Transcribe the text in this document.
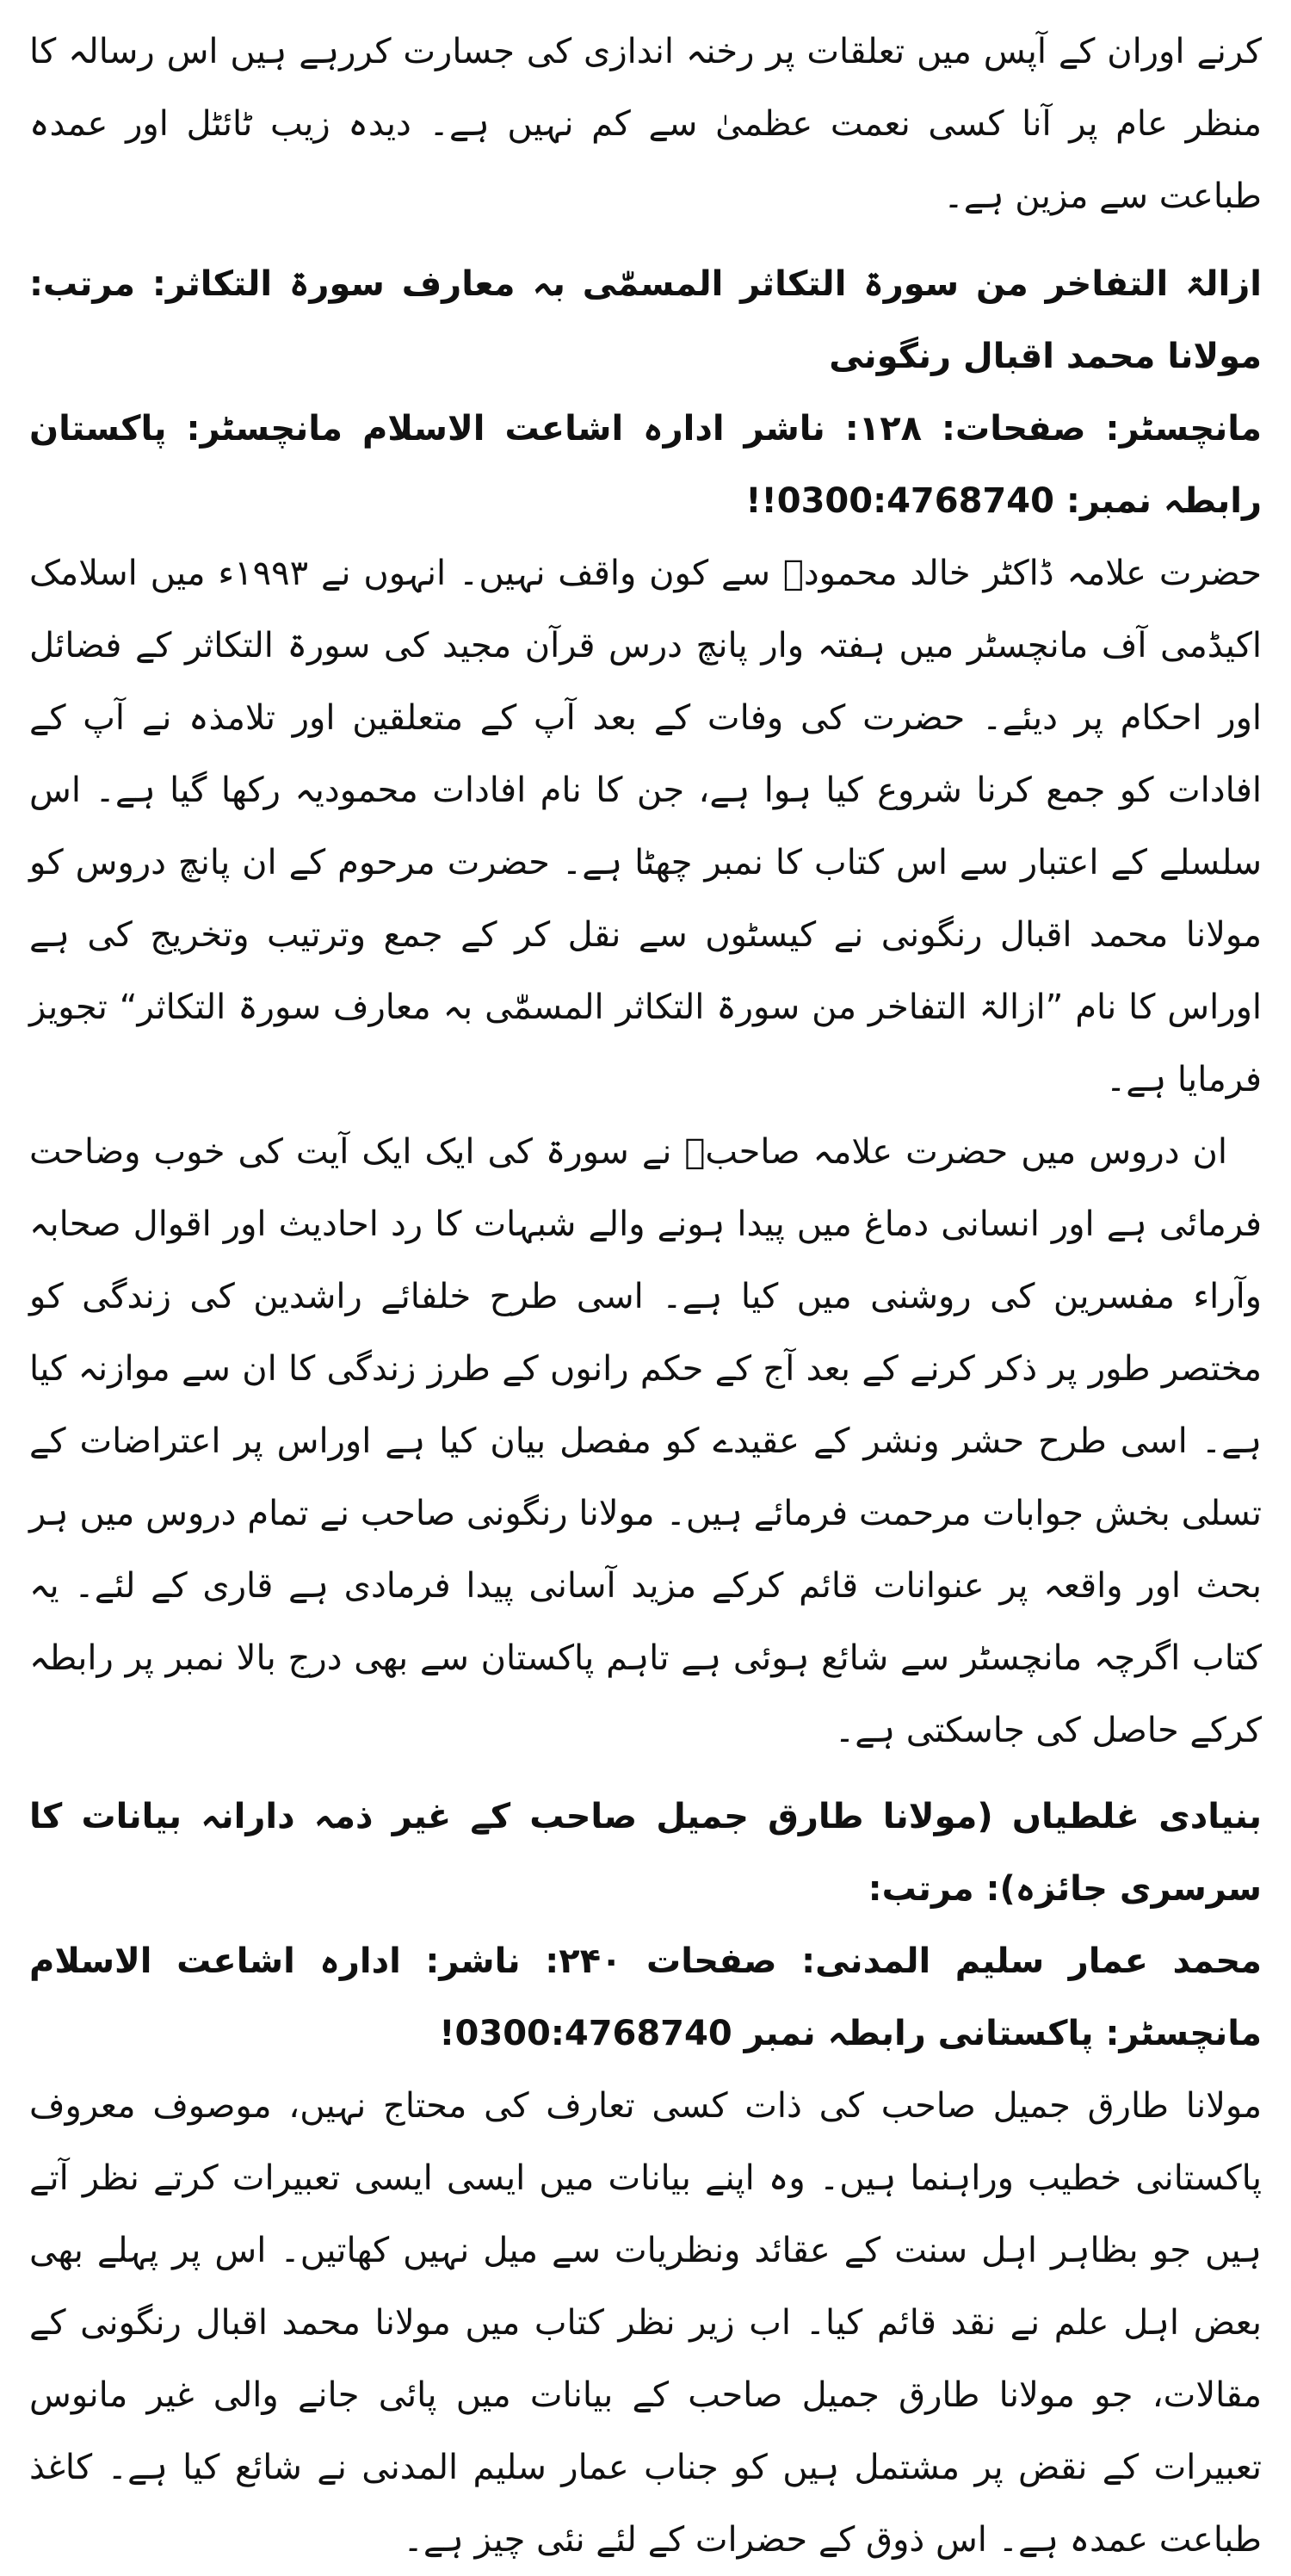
کرنے اوران کے آپس میں تعلقات پر رخنہ اندازی کی جسارت کررہے ہیں اس رسالہ کا منظر عام پر آنا کسی نعمت عظمیٰ سے کم نہیں ہے۔ دیدہ زیب ٹائٹل اور عمدہ طباعت سے مزین ہے۔

ازالۃ التفاخر من سورۃ التکاثر المسمّٰی بہ معارف سورۃ التکاثر: مرتب: مولانا محمد اقبال رنگونی

مانچسٹر: صفحات: ۱۲۸: ناشر ادارہ اشاعت الاسلام مانچسٹر: پاکستان رابطہ نمبر: 0300:4768740!!

حضرت علامہ ڈاکٹر خالد محمودؒ سے کون واقف نہیں۔ انہوں نے ۱۹۹۳ء میں اسلامک اکیڈمی آف مانچسٹر میں ہفتہ وار پانچ درس قرآن مجید کی سورۃ التکاثر کے فضائل اور احکام پر دیئے۔ حضرت کی وفات کے بعد آپ کے متعلقین اور تلامذہ نے آپ کے افادات کو جمع کرنا شروع کیا ہوا ہے، جن کا نام افادات محمودیہ رکھا گیا ہے۔ اس سلسلے کے اعتبار سے اس کتاب کا نمبر چھٹا ہے۔ حضرت مرحوم کے ان پانچ دروس کو مولانا محمد اقبال رنگونی نے کیسٹوں سے نقل کر کے جمع وترتیب وتخریج کی ہے اوراس کا نام ”ازالۃ التفاخر من سورۃ التکاثر المسمّٰی بہ معارف سورۃ التکاثر“ تجویز فرمایا ہے۔

ان دروس میں حضرت علامہ صاحبؒ نے سورۃ کی ایک ایک آیت کی خوب وضاحت فرمائی ہے اور انسانی دماغ میں پیدا ہونے والے شبہات کا رد احادیث اور اقوال صحابہ وآراء مفسرین کی روشنی میں کیا ہے۔ اسی طرح خلفائے راشدین کی زندگی کو مختصر طور پر ذکر کرنے کے بعد آج کے حکم رانوں کے طرز زندگی کا ان سے موازنہ کیا ہے۔ اسی طرح حشر ونشر کے عقیدے کو مفصل بیان کیا ہے اوراس پر اعتراضات کے تسلی بخش جوابات مرحمت فرمائے ہیں۔ مولانا رنگونی صاحب نے تمام دروس میں ہر بحث اور واقعہ پر عنوانات قائم کرکے مزید آسانی پیدا فرمادی ہے قاری کے لئے۔ یہ کتاب اگرچہ مانچسٹر سے شائع ہوئی ہے تاہم پاکستان سے بھی درج بالا نمبر پر رابطہ کرکے حاصل کی جاسکتی ہے۔

بنیادی غلطیاں (مولانا طارق جمیل صاحب کے غیر ذمہ دارانہ بیانات کا سرسری جائزہ): مرتب:

محمد عمار سلیم المدنی: صفحات ۲۴۰: ناشر: ادارہ اشاعت الاسلام مانچسٹر: پاکستانی رابطہ نمبر 0300:4768740!

مولانا طارق جمیل صاحب کی ذات کسی تعارف کی محتاج نہیں، موصوف معروف پاکستانی خطیب وراہنما ہیں۔ وہ اپنے بیانات میں ایسی ایسی تعبیرات کرتے نظر آتے ہیں جو بظاہر اہل سنت کے عقائد ونظریات سے میل نہیں کھاتیں۔ اس پر پہلے بھی بعض اہل علم نے نقد قائم کیا۔ اب زیر نظر کتاب میں مولانا محمد اقبال رنگونی کے مقالات، جو مولانا طارق جمیل صاحب کے بیانات میں پائی جانے والی غیر مانوس تعبیرات کے نقض پر مشتمل ہیں کو جناب عمار سلیم المدنی نے شائع کیا ہے۔ کاغذ طباعت عمدہ ہے۔ اس ذوق کے حضرات کے لئے نئی چیز ہے۔
